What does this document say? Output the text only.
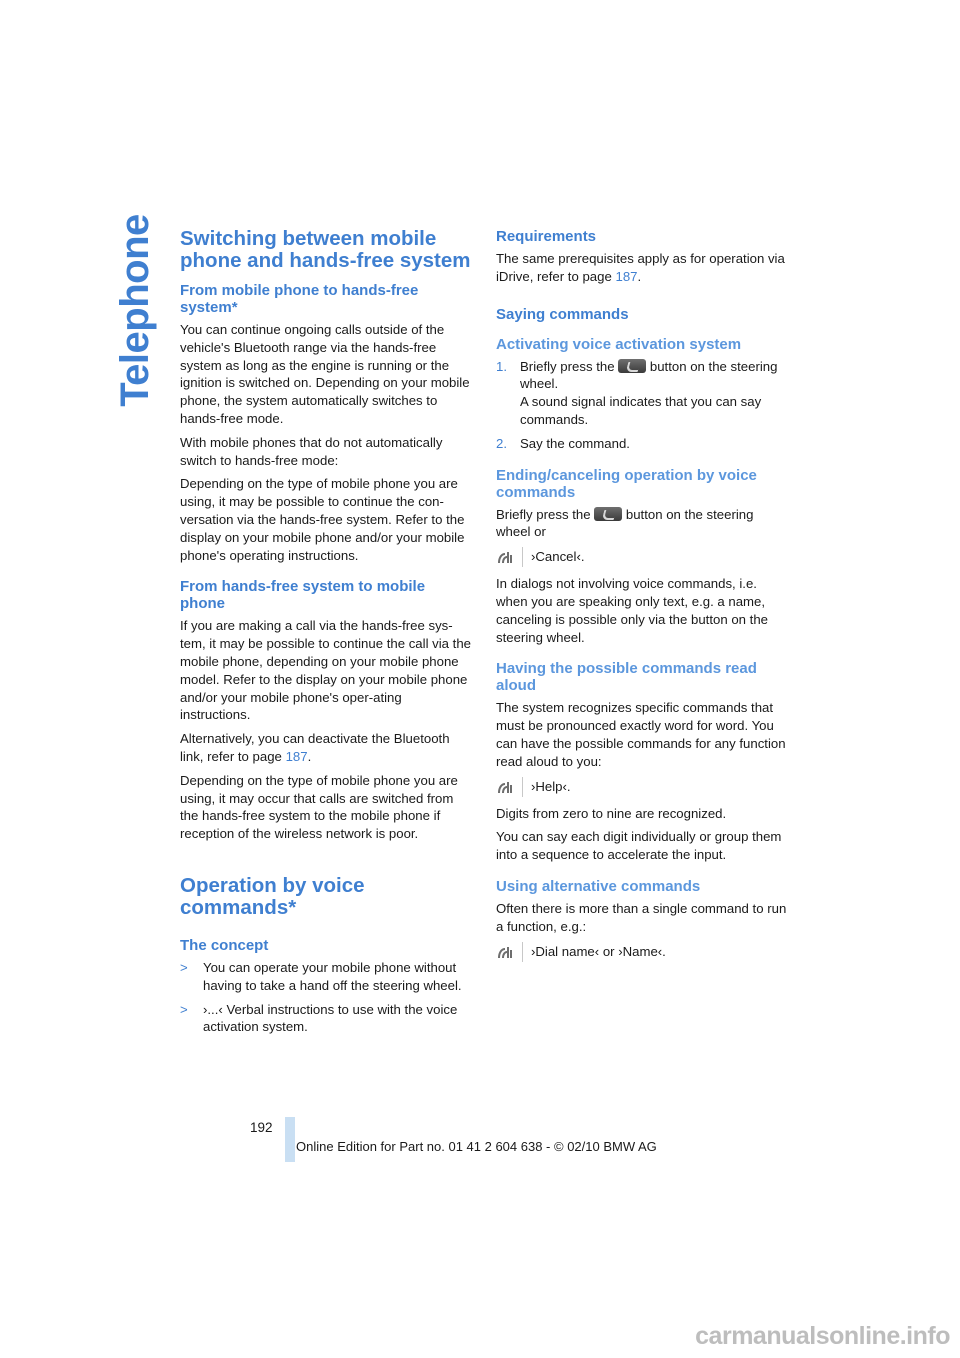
Telephone Switching between mobile phone and hands-free system
From mobile phone to hands-free system*

You can continue ongoing calls outside of the vehicle's Bluetooth range via the hands-free system as long as the engine is running or the ignition is switched on. Depending on your mobile phone, the system automatically switches to hands-free mode.

With mobile phones that do not automatically switch to hands-free mode:

Depending on the type of mobile phone you are using, it may be possible to continue the con-versation via the hands-free system. Refer to the display on your mobile phone and/or your mobile phone's operating instructions.

From hands-free system to mobile phone

If you are making a call via the hands-free sys-tem, it may be possible to continue the call via the mobile phone, depending on your mobile phone model. Refer to the display on your mobile phone and/or your mobile phone's oper-ating instructions.

Alternatively, you can deactivate the Bluetooth link, refer to page 187.

Depending on the type of mobile phone you are using, it may occur that calls are switched from the hands-free system to the mobile phone if reception of the wireless network is poor.

Operation by voice commands*
The concept
>	You can operate your mobile phone without having to take a hand off the steering wheel.
>	›...‹ Verbal instructions to use with the voice activation system.
Requirements

The same prerequisites apply as for operation via iDrive, refer to page 187.

Saying commands
Activating voice activation system
1. Briefly press the  button on the steering wheel.
A sound signal indicates that you can say commands.
2. Say the command.
Ending/canceling operation by voice commands

Briefly press the  button on the steering wheel or

›Cancel‹.

In dialogs not involving voice commands, i.e. when you are speaking only text, e.g. a name, canceling is possible only via the button on the steering wheel.

Having the possible commands read aloud

The system recognizes specific commands that must be pronounced exactly word for word. You can have the possible commands for any function read aloud to you:

›Help‹.

Digits from zero to nine are recognized.

You can say each digit individually or group them into a sequence to accelerate the input.

Using alternative commands

Often there is more than a single command to run a function, e.g.:

›Dial name‹ or ›Name‹.
192
Online Edition for Part no. 01 41 2 604 638 - © 02/10 BMW AG
carmanualsonline.info
